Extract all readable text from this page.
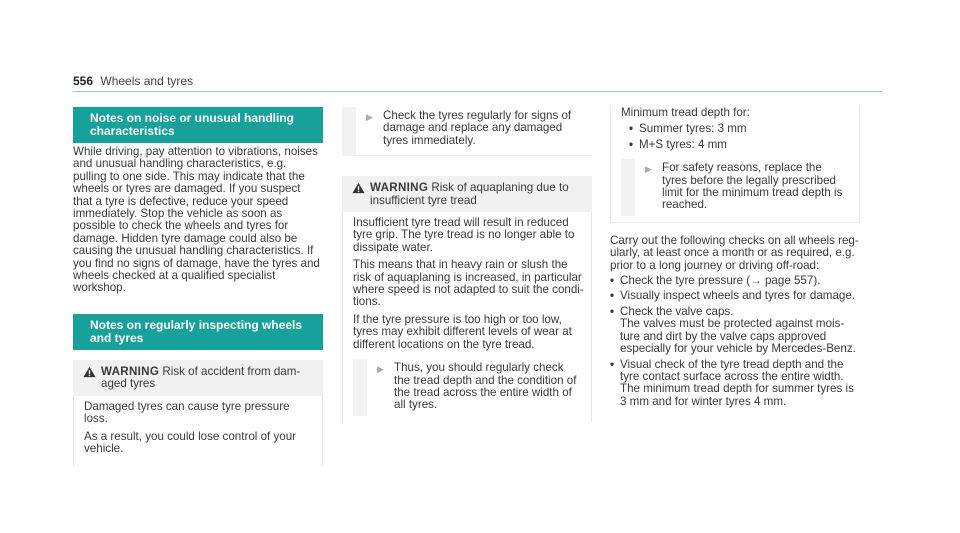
556 Wheels and tyres
Notes on noise or unusual handling characteristics

While driving, pay attention to vibrations, noises and unusual handling characteristics, e.g. pulling to one side. This may indicate that the wheels or tyres are damaged. If you suspect that a tyre is defective, reduce your speed immediately. Stop the vehicle as soon as possible to check the wheels and tyres for damage. Hidden tyre damage could also be causing the unusual handling characteristics. If you find no signs of damage, have the tyres and wheels checked at a qualified specialist workshop.

Notes on regularly inspecting wheels and tyres
WARNING Risk of accident from damaged tyres

Damaged tyres can cause tyre pressure loss.

As a result, you could lose control of your vehicle.

▶ Check the tyres regularly for signs of damage and replace any damaged tyres immediately.
WARNING Risk of aquaplaning due to insufficient tyre tread

Insufficient tyre tread will result in reduced tyre grip. The tyre tread is no longer able to dissipate water.

This means that in heavy rain or slush the risk of aquaplaning is increased, in particular where speed is not adapted to suit the conditions.

If the tyre pressure is too high or too low, tyres may exhibit different levels of wear at different locations on the tyre tread.

▶ Thus, you should regularly check the tread depth and the condition of the tread across the entire width of all tyres.

Minimum tread depth for:

• Summer tyres: 3 mm

• M+S tyres: 4 mm

▶ For safety reasons, replace the tyres before the legally prescribed limit for the minimum tread depth is reached.

Carry out the following checks on all wheels regularly, at least once a month or as required, e.g. prior to a long journey or driving off-road:

• Check the tyre pressure (→ page 557).

• Visually inspect wheels and tyres for damage.

• Check the valve caps.

The valves must be protected against moisture and dirt by the valve caps approved especially for your vehicle by Mercedes-Benz.

• Visual check of the tyre tread depth and the tyre contact surface across the entire width.

The minimum tread depth for summer tyres is 3 mm and for winter tyres 4 mm.
